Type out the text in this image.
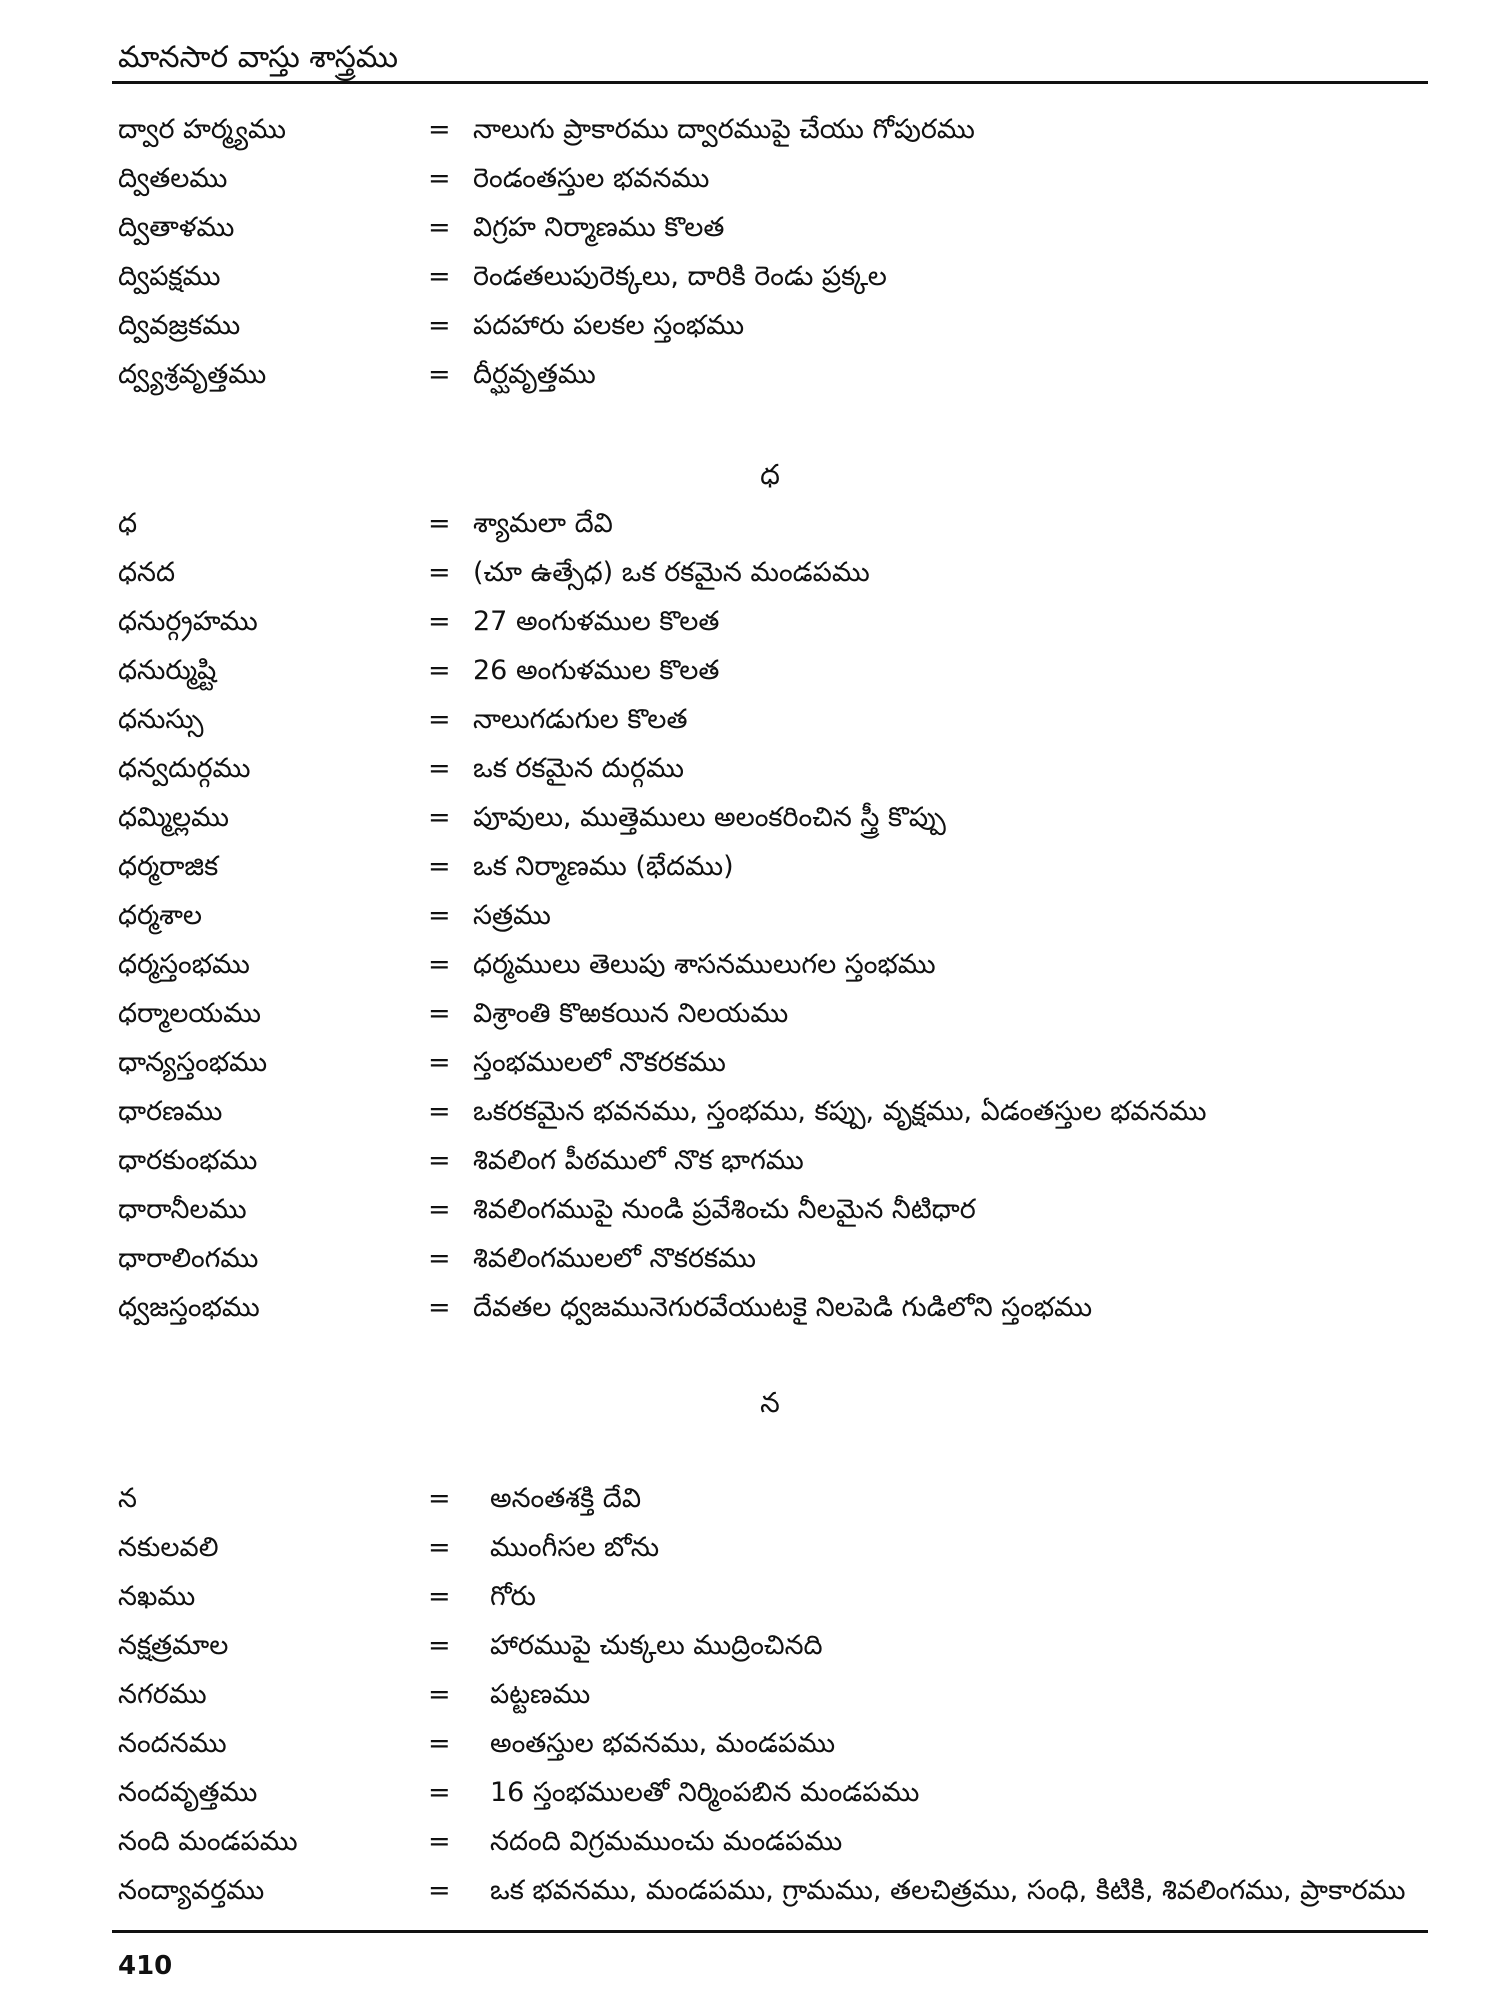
మానసార వాస్తు శాస్త్రము
ద్వార హర్మ్యము	= నాలుగు ప్రాకారము ద్వారముపై చేయు గోపురము
ద్వితలము	= రెండంతస్తుల భవనము
ద్వితాళము	= విగ్రహ నిర్మాణము కొలత
ద్విపక్షము	= రెండతలుపురెక్కలు, దారికి రెండు ప్రక్కల
ద్వివజ్రకము	= పదహారు పలకల స్తంభము
ద్వ్యశ్రవృత్తము	= దీర్ఘవృత్తము
ధ
ధ	= శ్యామలా దేవి
ధనద	= (చూ ఉత్సేధ) ఒక రకమైన మండపము
ధనుర్గ్రహము	= 27 అంగుళముల కొలత
ధనుర్ముష్టి	= 26 అంగుళముల కొలత
ధనుస్సు	= నాలుగడుగుల కొలత
ధన్వదుర్గము	= ఒక రకమైన దుర్గము
ధమ్మిల్లము	= పూవులు, ముత్తెములు అలంకరించిన స్త్రీ కొప్పు
ధర్మరాజిక	= ఒక నిర్మాణము (భేదము)
ధర్మశాల	= సత్రము
ధర్మస్తంభము	= ధర్మములు తెలుపు శాసనములుగల స్తంభము
ధర్మాలయము	= విశ్రాంతి కొఱకయిన నిలయము
ధాన్యస్తంభము	= స్తంభములలో నొకరకము
ధారణము	= ఒకరకమైన భవనము, స్తంభము, కప్పు, వృక్షము, ఏడంతస్తుల భవనము
ధారకుంభము	= శివలింగ పీఠములో నొక భాగము
ధారానీలము	= శివలింగముపై నుండి ప్రవేశించు నీలమైన నీటిధార
ధారాలింగము	= శివలింగములలో నొకరకము
ధ్వజస్తంభము	= దేవతల ధ్వజమునెగురవేయుటకై నిలపెడి గుడిలోని స్తంభము
న
న	= అనంతశక్తి దేవి
నకులవలి	= ముంగీసల బోను
నఖము	= గోరు
నక్షత్రమాల	= హారముపై చుక్కలు ముద్రించినది
నగరము	= పట్టణము
నందనము	= అంతస్తుల భవనము, మండపము
నందవృత్తము	= 16 స్తంభములతో నిర్మింపబిన మండపము
నంది మండపము	= నదంది విగ్రమముంచు మండపము
నంద్యావర్తము	= ఒక భవనము, మండపము, గ్రామము, తలచిత్రము, సంధి, కిటికి, శివలింగము, ప్రాకారము
410
